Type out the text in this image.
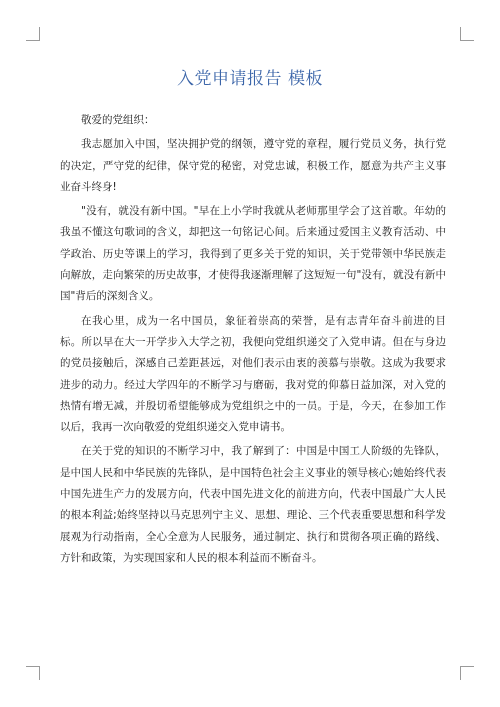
入党申请报告 模板

敬爱的党组织：

我志愿加入中国，坚决拥护党的纲领，遵守党的章程，履行党员义务，执行党的决定，严守党的纪律，保守党的秘密，对党忠诚，积极工作，愿意为共产主义事业奋斗终身!

"没有，就没有新中国。"早在上小学时我就从老师那里学会了这首歌。年幼的我虽不懂这句歌词的含义，却把这一句铭记心间。后来通过爱国主义教育活动、中学政治、历史等课上的学习，我得到了更多关于党的知识，关于党带领中华民族走向解放，走向繁荣的历史故事，才使得我逐渐理解了这短短一句"没有，就没有新中国"背后的深刻含义。

在我心里，成为一名中国员，象征着崇高的荣誉，是有志青年奋斗前进的目标。所以早在大一开学步入大学之初，我便向党组织递交了入党申请。但在与身边的党员接触后，深感自己差距甚远，对他们表示由衷的羡慕与崇敬。这成为我要求进步的动力。经过大学四年的不断学习与磨砺，我对党的仰慕日益加深，对入党的热情有增无减，并殷切希望能够成为党组织之中的一员。于是，今天，在参加工作以后，我再一次向敬爱的党组织递交入党申请书。

在关于党的知识的不断学习中，我了解到了：中国是中国工人阶级的先锋队，是中国人民和中华民族的先锋队，是中国特色社会主义事业的领导核心;她始终代表中国先进生产力的发展方向，代表中国先进文化的前进方向，代表中国最广大人民的根本利益;始终坚持以马克思列宁主义、思想、理论、三个代表重要思想和科学发展观为行动指南，全心全意为人民服务，通过制定、执行和贯彻各项正确的路线、方针和政策，为实现国家和人民的根本利益而不断奋斗。
